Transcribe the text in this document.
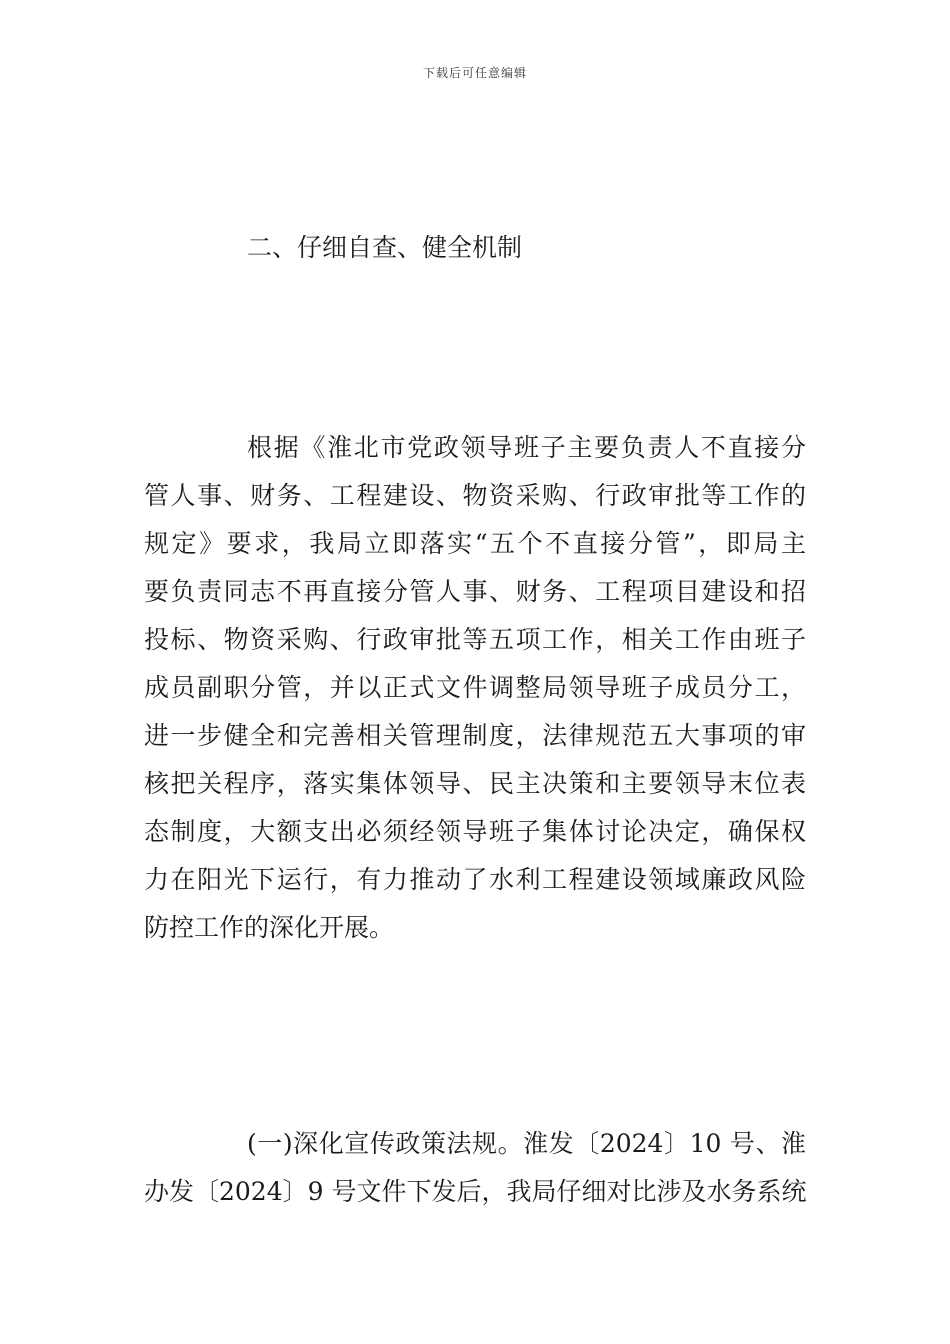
下载后可任意编辑
二、仔细自查、健全机制
根据《淮北市党政领导班子主要负责人不直接分
管人事、财务、工程建设、物资采购、行政审批等工作的
规定》要求，我局立即落实“五个不直接分管”，即局主
要负责同志不再直接分管人事、财务、工程项目建设和招
投标、物资采购、行政审批等五项工作，相关工作由班子
成员副职分管，并以正式文件调整局领导班子成员分工，
进一步健全和完善相关管理制度，法律规范五大事项的审
核把关程序，落实集体领导、民主决策和主要领导末位表
态制度，大额支出必须经领导班子集体讨论决定，确保权
力在阳光下运行，有力推动了水利工程建设领域廉政风险
防控工作的深化开展。
(一)深化宣传政策法规。淮发〔2024〕10 号、淮
办发〔2024〕9 号文件下发后，我局仔细对比涉及水务系统
